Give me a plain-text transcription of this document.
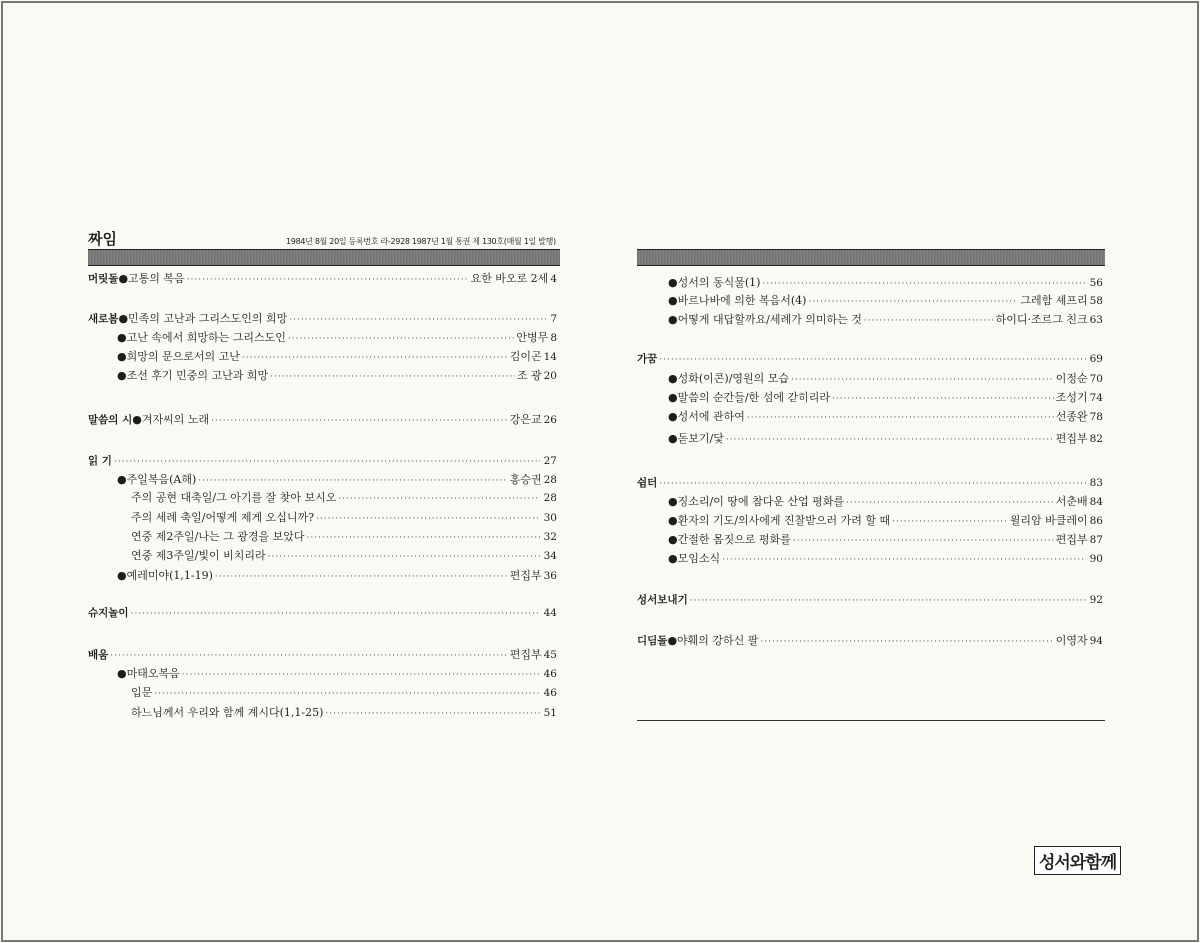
짜임	1984년 8월 20일 등록번호 라-2928 1987년 1월 통권 제 130호(매월 1일 발행)
머릿돌 ● 고통의 복음 ·····	요한 바오로 2세 4
새로봄 ● 민족의 고난과 그리스도인의 희망 ·····	7
● 고난 속에서 희망하는 그리스도인 ·····	안병무 8
● 희망의 문으로서의 고난 ·····	김이곤 14
● 조선 후기 민중의 고난과 희망 ·····	조 광 20
말씀의 시 ● 겨자씨의 노래 ·····	강은교 26
읽 기 ·····	27
● 주일복음(A해) ·····	홍승권 28
주의 공현 대축일/그 아기를 잘 찾아 보시오 ·····	28
주의 세례 축일/어떻게 제게 오십니까? ·····	30
연중 제2주일/나는 그 광경을 보았다 ·····	32
연중 제3주일/빛이 비치리라 ·····	34
● 예레미야(1,1-19) ·····	편집부 36
슈지놀이 ·····	44
배움 ·····	편집부 45
● 마태오복음 ·····	46
입문 ·····	46
하느님께서 우리와 함께 계시다(1,1-25) ·····	51
● 성서의 동식물(1) ·····	56
● 바르나바에 의한 복음서(4) ·····	그레함 셰프리 58
● 어떻게 대답할까요/세례가 의미하는 것 ·····	하이디·조르그 친크 63
가꿈 ·····	69
● 성화(이콘)/영원의 모습 ·····	이정순 70
● 말씀의 순간들/한 섬에 갇히리라 ·····	조성기 74
● 성서에 관하여 ·····	선종완 78
● 돋보기/닻 ·····	편집부 82
쉼터 ·····	83
● 징소리/이 땅에 참다운 산업 평화를 ·····	서춘배 84
● 환자의 기도/의사에게 진찰받으러 가려 할 때 ·····	윌리암 바클레이 86
● 간절한 몸짓으로 평화를 ·····	편집부 87
● 모임소식 ·····	90
성서보내기 ·····	92
디딤돌 ● 야훼의 강하신 팔 ·····	이영자 94
성서와함께
